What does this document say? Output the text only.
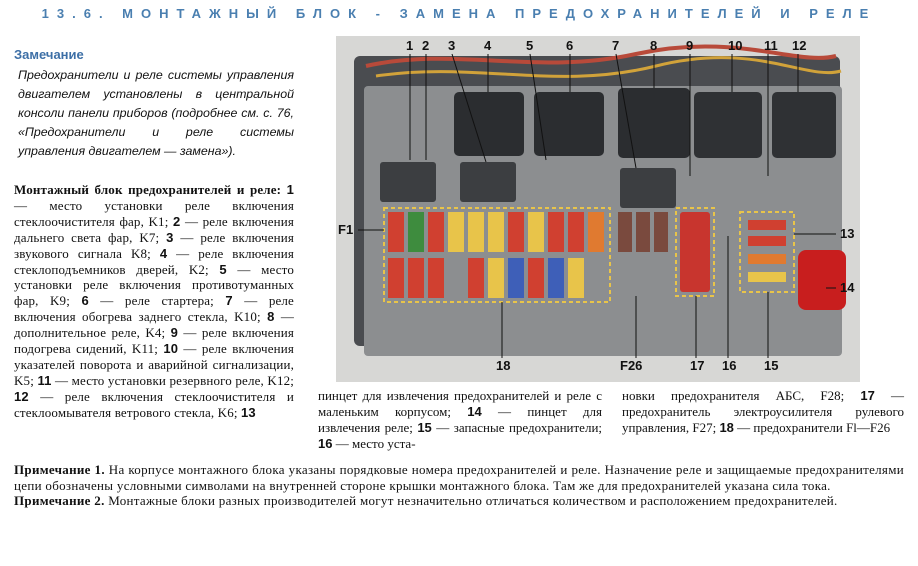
13.6. МОНТАЖНЫЙ БЛОК - ЗАМЕНА ПРЕДОХРАНИТЕЛЕЙ И РЕЛЕ
Замечание
Предохранители и реле системы управления двигателем установлены в центральной консоли панели приборов (подробнее см. с. 76, «Предохранители и реле системы управления двигателем — замена»).
Монтажный блок предохранителей и реле: 1 — место установки реле включения стеклоочистителя фар, K1; 2 — реле включения дальнего света фар, K7; 3 — реле включения звукового сигнала K8; 4 — реле включения стеклоподъемников дверей, K2; 5 — место установки реле включения противотуманных фар, K9; 6 — реле стартера; 7 — реле включения обогрева заднего стекла, K10; 8 — дополнительное реле, K4; 9 — реле включения подогрева сидений, K11; 10 — реле включения указателей поворота и аварийной сигнализации, K5; 11 — место установки резервного реле, K12; 12 — реле включения стеклоочистителя и стеклоомывателя ветрового стекла, K6; 13
пинцет для извлечения предохранителей и реле с маленьким корпусом; 14 — пинцет для извлечения реле; 15 — запасные предохранители; 16 — место уста-
новки предохранителя АБС, F28; 17 — предохранитель электроусилителя рулевого управления, F27; 18 — предохранители Fl—F26
Примечание 1. На корпусе монтажного блока указаны порядковые номера предохранителей и реле. Назначение реле и защищаемые предохранителями цепи обозначены условными символами на внутренней стороне крышки монтажного блока. Там же для предохранителей указана сила тока.
Примечание 2. Монтажные блоки разных производителей могут незначительно отличаться количеством и расположением предохранителей.
1 2 3 4	5	6	7 8 9	10 11 12
F1	13
14
18	F26	17 16 15
